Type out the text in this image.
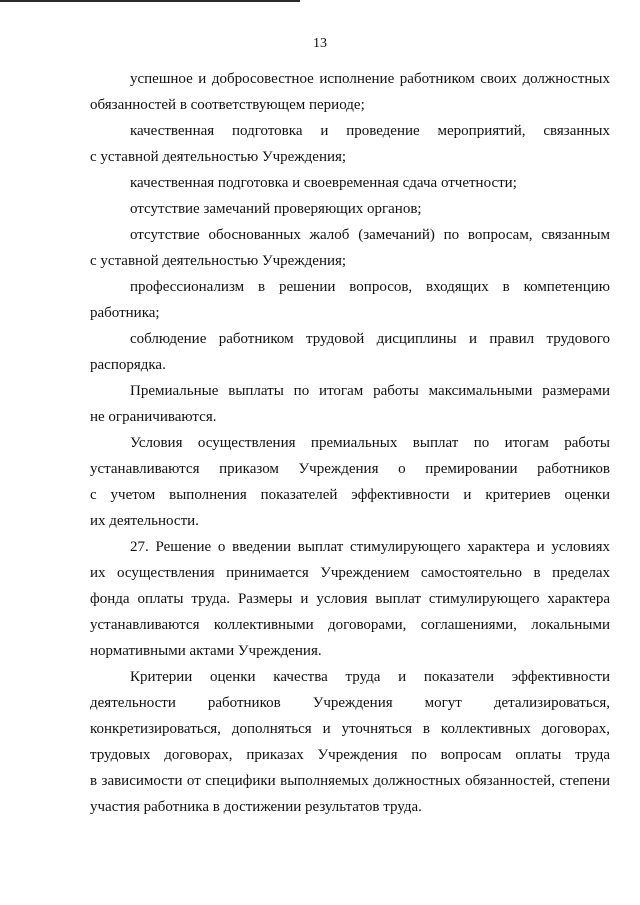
13
успешное и добросовестное исполнение работником своих должностных
обязанностей в соответствующем периоде;
качественная подготовка и проведение мероприятий, связанных
с уставной деятельностью Учреждения;
качественная подготовка и своевременная сдача отчетности;
отсутствие замечаний проверяющих органов;
отсутствие обоснованных жалоб (замечаний) по вопросам, связанным
с уставной деятельностью Учреждения;
профессионализм в решении вопросов, входящих в компетенцию
работника;
соблюдение работником трудовой дисциплины и правил трудового
распорядка.
Премиальные выплаты по итогам работы максимальными размерами
не ограничиваются.
Условия осуществления премиальных выплат по итогам работы
устанавливаются приказом Учреждения о премировании работников
с учетом выполнения показателей эффективности и критериев оценки
их деятельности.
27. Решение о введении выплат стимулирующего характера и условиях
их осуществления принимается Учреждением самостоятельно в пределах
фонда оплаты труда. Размеры и условия выплат стимулирующего характера
устанавливаются коллективными договорами, соглашениями, локальными
нормативными актами Учреждения.
Критерии оценки качества труда и показатели эффективности
деятельности работников Учреждения могут детализироваться,
конкретизироваться, дополняться и уточняться в коллективных договорах,
трудовых договорах, приказах Учреждения по вопросам оплаты труда
в зависимости от специфики выполняемых должностных обязанностей, степени
участия работника в достижении результатов труда.
